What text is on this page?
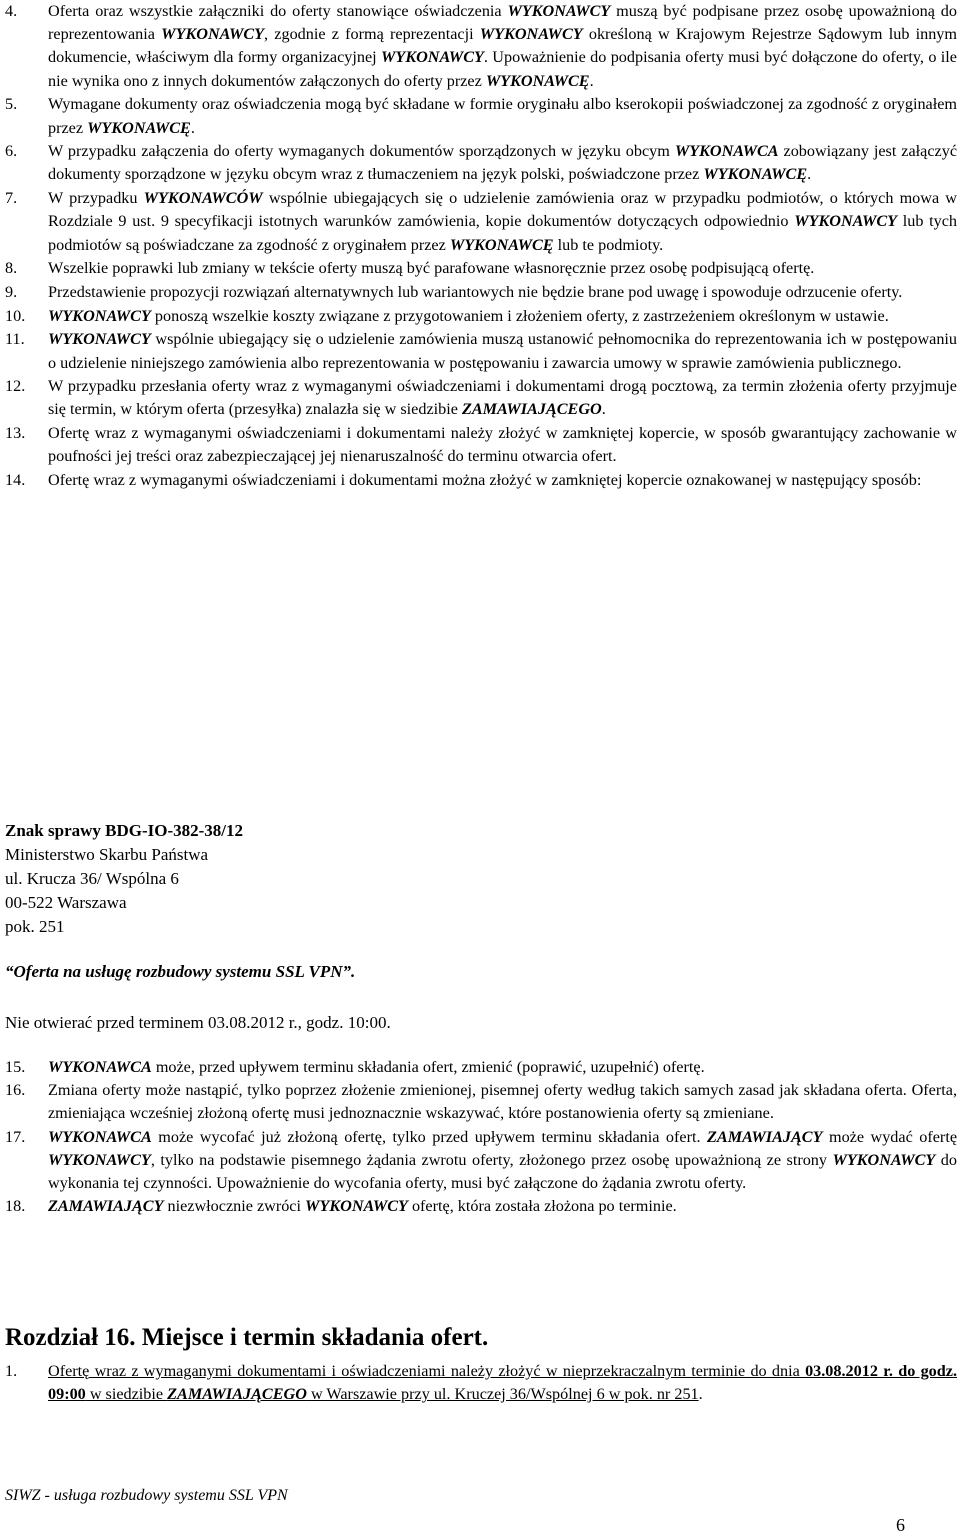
4.	Oferta oraz wszystkie załączniki do oferty stanowiące oświadczenia WYKONAWCY muszą być podpisane przez osobę upoważnioną do reprezentowania WYKONAWCY, zgodnie z formą reprezentacji WYKONAWCY określoną w Krajowym Rejestrze Sądowym lub innym dokumencie, właściwym dla formy organizacyjnej WYKONAWCY. Upoważnienie do podpisania oferty musi być dołączone do oferty, o ile nie wynika ono z innych dokumentów załączonych do oferty przez WYKONAWCĘ.
5.	Wymagane dokumenty oraz oświadczenia mogą być składane w formie oryginału albo kserokopii poświadczonej za zgodność z oryginałem przez WYKONAWCĘ.
6.	W przypadku załączenia do oferty wymaganych dokumentów sporządzonych w języku obcym WYKONAWCA zobowiązany jest załączyć dokumenty sporządzone w języku obcym wraz z tłumaczeniem na język polski, poświadczone przez WYKONAWCĘ.
7.	W przypadku WYKONAWCÓW wspólnie ubiegających się o udzielenie zamówienia oraz w przypadku podmiotów, o których mowa w Rozdziale 9 ust. 9 specyfikacji istotnych warunków zamówienia, kopie dokumentów dotyczących odpowiednio WYKONAWCY lub tych podmiotów są poświadczane za zgodność z oryginałem przez WYKONAWCĘ lub te podmioty.
8.	Wszelkie poprawki lub zmiany w tekście oferty muszą być parafowane własnoręcznie przez osobę podpisującą ofertę.
9.	Przedstawienie propozycji rozwiązań alternatywnych lub wariantowych nie będzie brane pod uwagę i spowoduje odrzucenie oferty.
10.	WYKONAWCY ponoszą wszelkie koszty związane z przygotowaniem i złożeniem oferty, z zastrzeżeniem określonym w ustawie.
11.	WYKONAWCY wspólnie ubiegający się o udzielenie zamówienia muszą ustanowić pełnomocnika do reprezentowania ich w postępowaniu o udzielenie niniejszego zamówienia albo reprezentowania w postępowaniu i zawarcia umowy w sprawie zamówienia publicznego.
12.	W przypadku przesłania oferty wraz z wymaganymi oświadczeniami i dokumentami drogą pocztową, za termin złożenia oferty przyjmuje się termin, w którym oferta (przesyłka) znalazła się w siedzibie ZAMAWIAJĄCEGO.
13.	Ofertę wraz z wymaganymi oświadczeniami i dokumentami należy złożyć w zamkniętej kopercie, w sposób gwarantujący zachowanie w poufności jej treści oraz zabezpieczającej jej nienaruszalność do terminu otwarcia ofert.
14.	Ofertę wraz z wymaganymi oświadczeniami i dokumentami można złożyć w zamkniętej kopercie oznakowanej w następujący sposób:
Znak sprawy BDG-IO-382-38/12
Ministerstwo Skarbu Państwa
ul. Krucza 36/ Wspólna 6
00-522 Warszawa
pok. 251
“Oferta na usługę rozbudowy systemu SSL VPN”.
Nie otwierać przed terminem 03.08.2012 r., godz. 10:00.
15.	WYKONAWCA może, przed upływem terminu składania ofert, zmienić (poprawić, uzupełnić) ofertę.
16.	Zmiana oferty może nastąpić, tylko poprzez złożenie zmienionej, pisemnej oferty według takich samych zasad jak składana oferta. Oferta, zmieniająca wcześniej złożoną ofertę musi jednoznacznie wskazywać, które postanowienia oferty są zmieniane.
17.	WYKONAWCA może wycofać już złożoną ofertę, tylko przed upływem terminu składania ofert. ZAMAWIAJĄCY może wydać ofertę WYKONAWCY, tylko na podstawie pisemnego żądania zwrotu oferty, złożonego przez osobę upoważnioną ze strony WYKONAWCY do wykonania tej czynności. Upoważnienie do wycofania oferty, musi być załączone do żądania zwrotu oferty.
18.	ZAMAWIAJĄCY niezwłocznie zwróci WYKONAWCY ofertę, która została złożona po terminie.
Rozdział 16. Miejsce i termin składania ofert.
1.	Ofertę wraz z wymaganymi dokumentami i oświadczeniami należy złożyć w nieprzekraczalnym terminie do dnia 03.08.2012 r. do godz. 09:00 w siedzibie ZAMAWIAJĄCEGO w Warszawie przy ul. Kruczej 36/Wspólnej 6 w pok. nr 251.
SIWZ - usługa rozbudowy systemu SSL VPN
6
